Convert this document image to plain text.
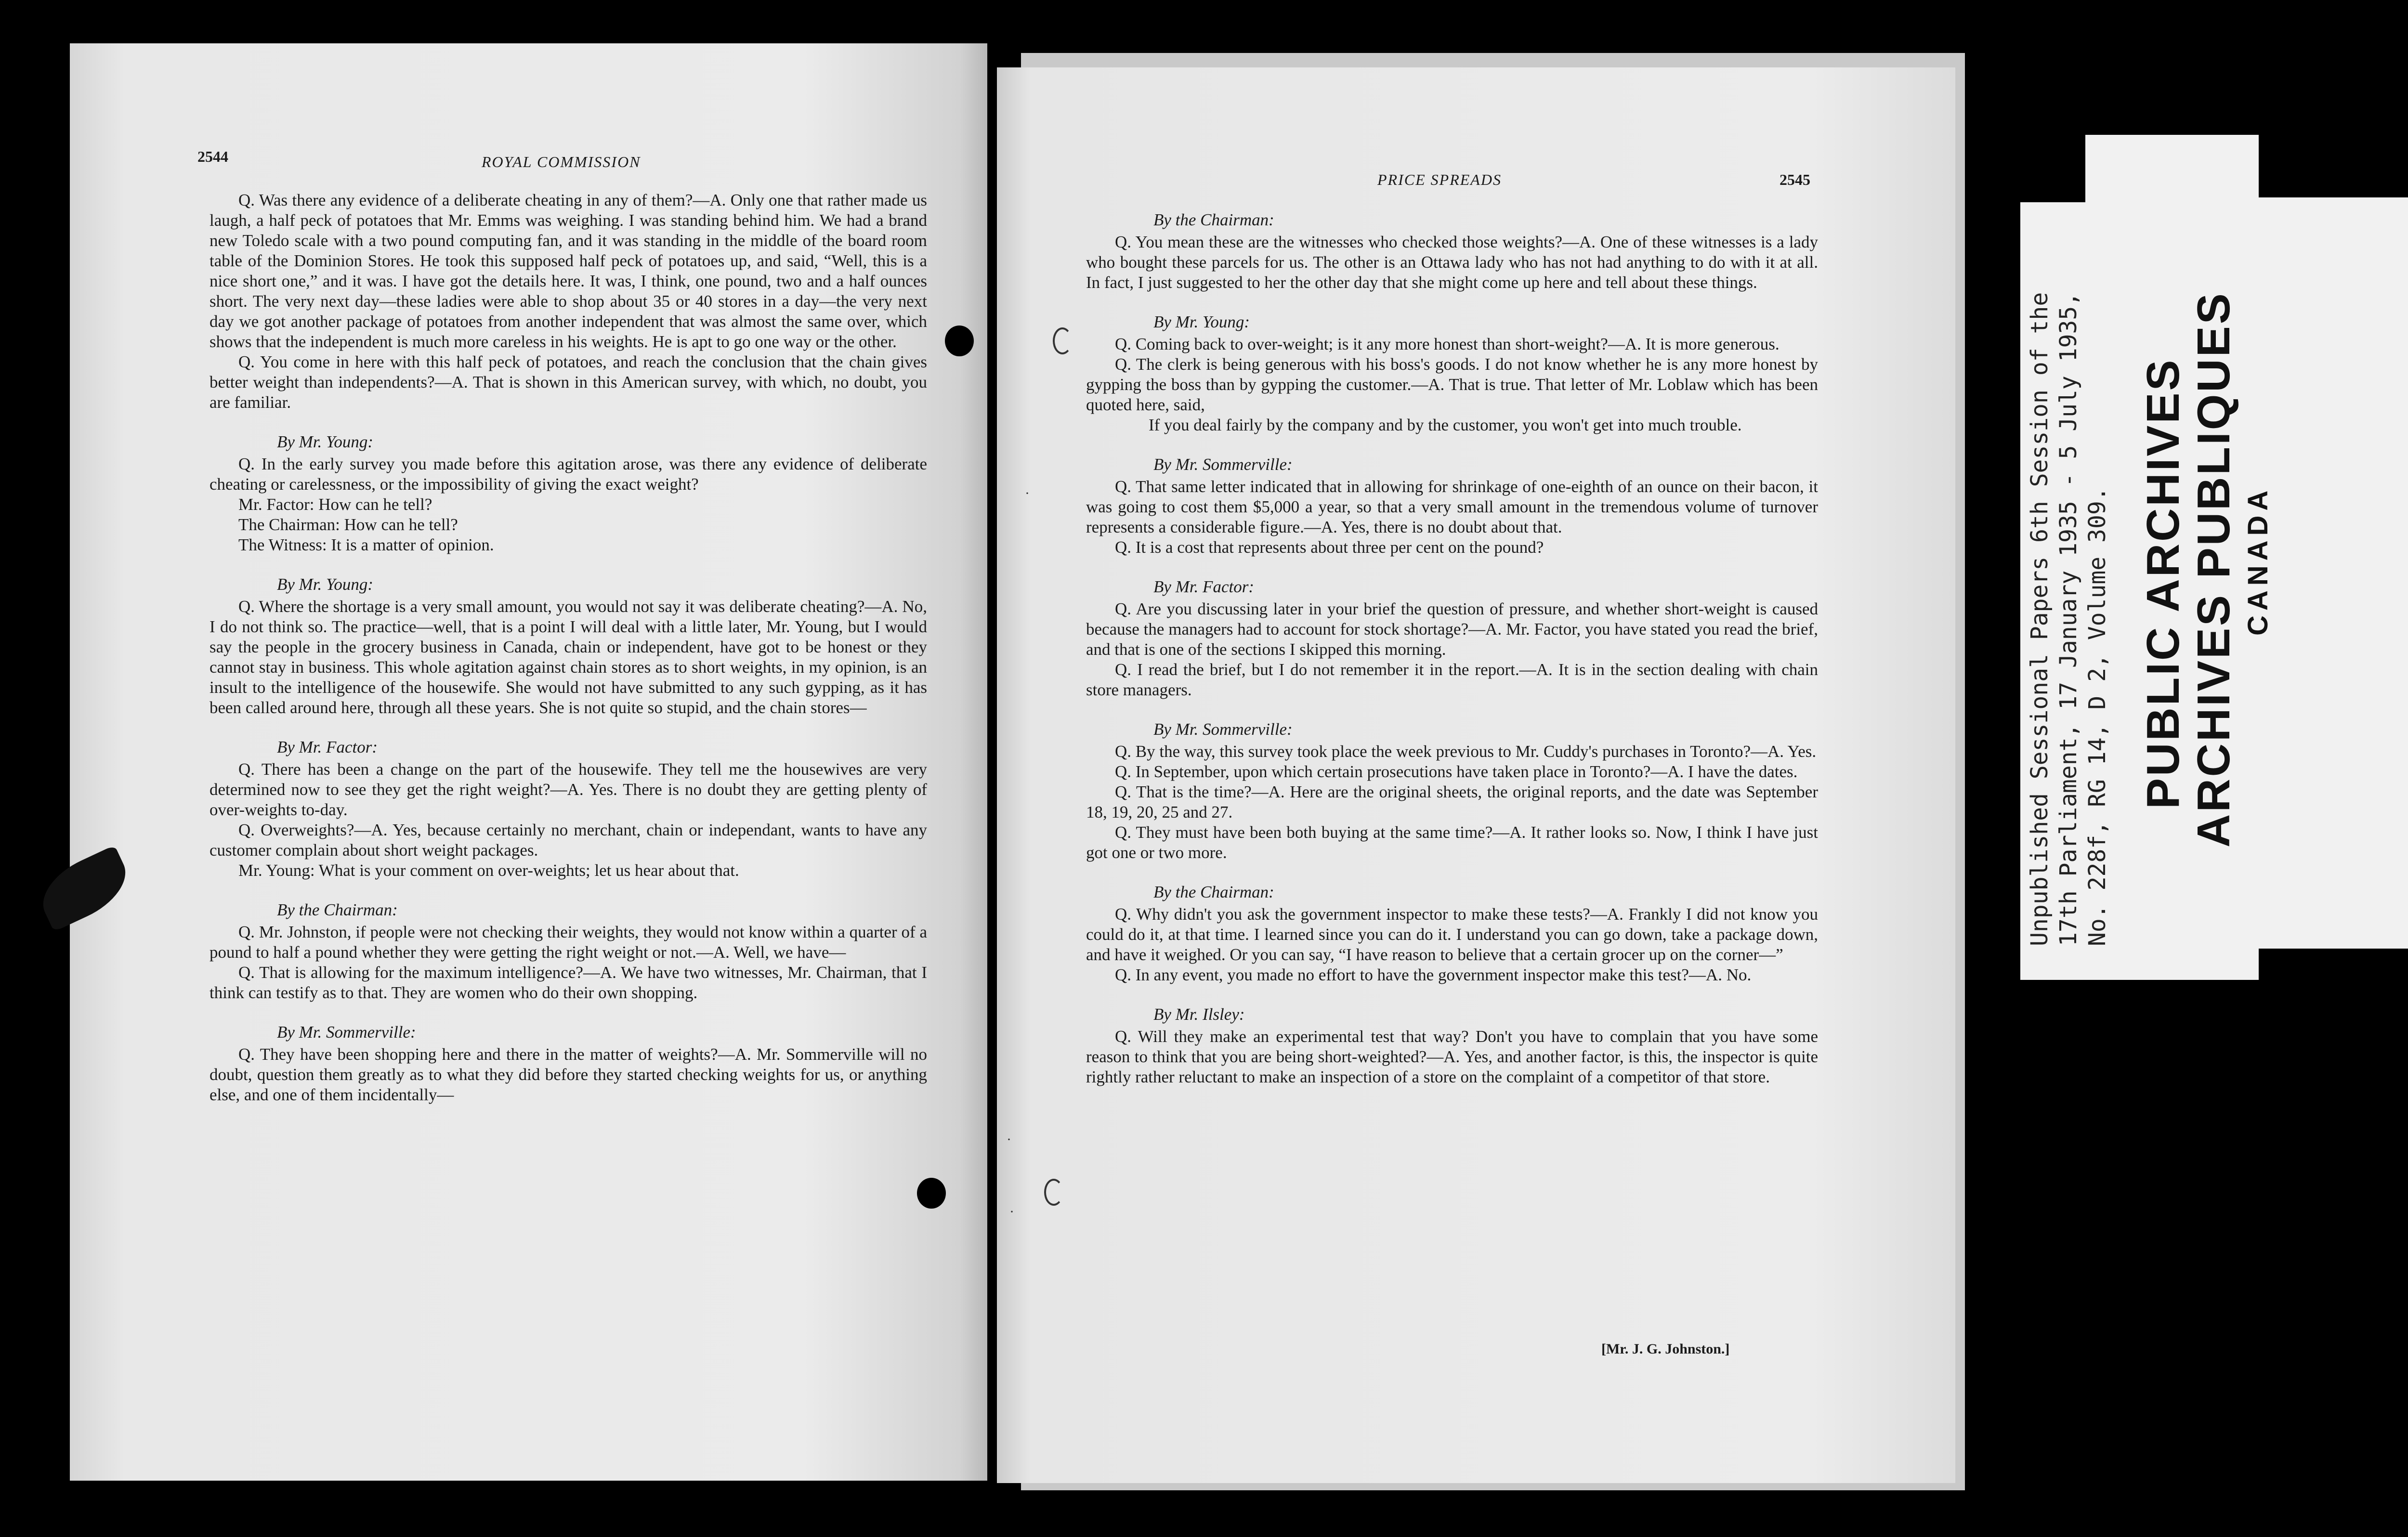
2544	ROYAL COMMISSION

Q. Was there any evidence of a deliberate cheating in any of them?—A. Only one that rather made us laugh, a half peck of potatoes that Mr. Emms was weighing. I was standing behind him. We had a brand new Toledo scale with a two pound computing fan, and it was standing in the middle of the board room table of the Dominion Stores. He took this supposed half peck of potatoes up, and said, “Well, this is a nice short one,” and it was. I have got the details here. It was, I think, one pound, two and a half ounces short. The very next day—these ladies were able to shop about 35 or 40 stores in a day—the very next day we got another package of potatoes from another independent that was almost the same over, which shows that the independent is much more careless in his weights. He is apt to go one way or the other.

Q. You come in here with this half peck of potatoes, and reach the conclusion that the chain gives better weight than independents?—A. That is shown in this American survey, with which, no doubt, you are familiar.

By Mr. Young:

Q. In the early survey you made before this agitation arose, was there any evidence of deliberate cheating or carelessness, or the impossibility of giving the exact weight?

Mr. Factor: How can he tell?

The Chairman: How can he tell?

The Witness: It is a matter of opinion.

By Mr. Young:

Q. Where the shortage is a very small amount, you would not say it was deliberate cheating?—A. No, I do not think so. The practice—well, that is a point I will deal with a little later, Mr. Young, but I would say the people in the grocery business in Canada, chain or independent, have got to be honest or they cannot stay in business. This whole agitation against chain stores as to short weights, in my opinion, is an insult to the intelligence of the housewife. She would not have submitted to any such gypping, as it has been called around here, through all these years. She is not quite so stupid, and the chain stores—

By Mr. Factor:

Q. There has been a change on the part of the housewife. They tell me the housewives are very determined now to see they get the right weight?—A. Yes. There is no doubt they are getting plenty of over-weights to-day.

Q. Overweights?—A. Yes, because certainly no merchant, chain or independant, wants to have any customer complain about short weight packages.

Mr. Young: What is your comment on over-weights; let us hear about that.

By the Chairman:

Q. Mr. Johnston, if people were not checking their weights, they would not know within a quarter of a pound to half a pound whether they were getting the right weight or not.—A. Well, we have—

Q. That is allowing for the maximum intelligence?—A. We have two witnesses, Mr. Chairman, that I think can testify as to that. They are women who do their own shopping.

By Mr. Sommerville:

Q. They have been shopping here and there in the matter of weights?—A. Mr. Sommerville will no doubt, question them greatly as to what they did before they started checking weights for us, or anything else, and one of them incidentally—

PRICE SPREADS	2545
By the Chairman:

Q. You mean these are the witnesses who checked those weights?—A. One of these witnesses is a lady who bought these parcels for us. The other is an Ottawa lady who has not had anything to do with it at all. In fact, I just suggested to her the other day that she might come up here and tell about these things.

By Mr. Young:

Q. Coming back to over-weight; is it any more honest than short-weight?—A. It is more generous.

Q. The clerk is being generous with his boss's goods. I do not know whether he is any more honest by gypping the boss than by gypping the customer.—A. That is true. That letter of Mr. Loblaw which has been quoted here, said,

If you deal fairly by the company and by the customer, you won't get into much trouble.

By Mr. Sommerville:

Q. That same letter indicated that in allowing for shrinkage of one-eighth of an ounce on their bacon, it was going to cost them $5,000 a year, so that a very small amount in the tremendous volume of turnover represents a considerable figure.—A. Yes, there is no doubt about that.

Q. It is a cost that represents about three per cent on the pound?

By Mr. Factor:

Q. Are you discussing later in your brief the question of pressure, and whether short-weight is caused because the managers had to account for stock shortage?—A. Mr. Factor, you have stated you read the brief, and that is one of the sections I skipped this morning.

Q. I read the brief, but I do not remember it in the report.—A. It is in the section dealing with chain store managers.

By Mr. Sommerville:

Q. By the way, this survey took place the week previous to Mr. Cuddy's purchases in Toronto?—A. Yes.

Q. In September, upon which certain prosecutions have taken place in Toronto?—A. I have the dates.

Q. That is the time?—A. Here are the original sheets, the original reports, and the date was September 18, 19, 20, 25 and 27.

Q. They must have been both buying at the same time?—A. It rather looks so. Now, I think I have just got one or two more.

By the Chairman:

Q. Why didn't you ask the government inspector to make these tests?—A. Frankly I did not know you could do it, at that time. I learned since you can do it. I understand you can go down, take a package down, and have it weighed. Or you can say, “I have reason to believe that a certain grocer up on the corner—”

Q. In any event, you made no effort to have the government inspector make this test?—A. No.

By Mr. Ilsley:

Q. Will they make an experimental test that way? Don't you have to complain that you have some reason to think that you are being short-weighted?—A. Yes, and another factor, is this, the inspector is quite rightly rather reluctant to make an inspection of a store on the complaint of a competitor of that store.

[Mr. J. G. Johnston.]
·
·
·
Unpublished Sessional Papers 6th Session of the 17th Parliament, 17 January 1935 - 5 July 1935, No. 228f, RG 14, D 2, Volume 309. PUBLIC ARCHIVES
ARCHIVES PUBLIQUES CANADA
